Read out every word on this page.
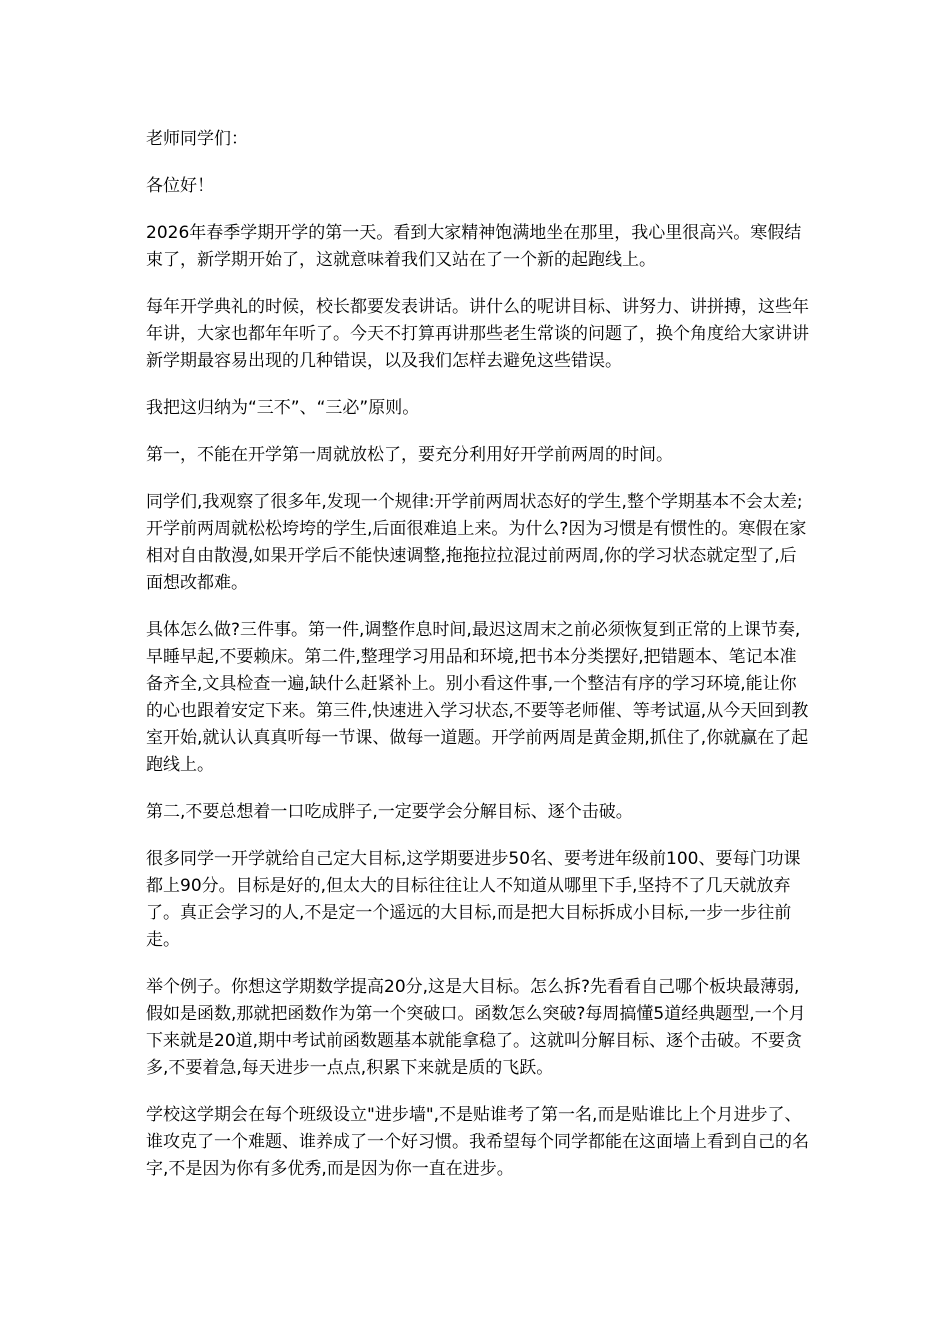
老师同学们：

各位好！

2026年春季学期开学的第一天。看到大家精神饱满地坐在那里，我心里很高兴。寒假结束了，新学期开始了，这就意味着我们又站在了一个新的起跑线上。

每年开学典礼的时候，校长都要发表讲话。讲什么的呢讲目标、讲努力、讲拼搏，这些年年讲，大家也都年年听了。今天不打算再讲那些老生常谈的问题了，换个角度给大家讲讲新学期最容易出现的几种错误，以及我们怎样去避免这些错误。

我把这归纳为“三不”、“三必”原则。

第一，不能在开学第一周就放松了，要充分利用好开学前两周的时间。

同学们,我观察了很多年,发现一个规律:开学前两周状态好的学生,整个学期基本不会太差;开学前两周就松松垮垮的学生,后面很难追上来。为什么?因为习惯是有惯性的。寒假在家相对自由散漫,如果开学后不能快速调整,拖拖拉拉混过前两周,你的学习状态就定型了,后面想改都难。

具体怎么做?三件事。第一件,调整作息时间,最迟这周末之前必须恢复到正常的上课节奏,早睡早起,不要赖床。第二件,整理学习用品和环境,把书本分类摆好,把错题本、笔记本准备齐全,文具检查一遍,缺什么赶紧补上。别小看这件事,一个整洁有序的学习环境,能让你的心也跟着安定下来。第三件,快速进入学习状态,不要等老师催、等考试逼,从今天回到教室开始,就认认真真听每一节课、做每一道题。开学前两周是黄金期,抓住了,你就赢在了起跑线上。

第二,不要总想着一口吃成胖子,一定要学会分解目标、逐个击破。

很多同学一开学就给自己定大目标,这学期要进步50名、要考进年级前100、要每门功课都上90分。目标是好的,但太大的目标往往让人不知道从哪里下手,坚持不了几天就放弃了。真正会学习的人,不是定一个遥远的大目标,而是把大目标拆成小目标,一步一步往前走。

举个例子。你想这学期数学提高20分,这是大目标。怎么拆?先看看自己哪个板块最薄弱,假如是函数,那就把函数作为第一个突破口。函数怎么突破?每周搞懂5道经典题型,一个月下来就是20道,期中考试前函数题基本就能拿稳了。这就叫分解目标、逐个击破。不要贪多,不要着急,每天进步一点点,积累下来就是质的飞跃。

学校这学期会在每个班级设立"进步墙",不是贴谁考了第一名,而是贴谁比上个月进步了、谁攻克了一个难题、谁养成了一个好习惯。我希望每个同学都能在这面墙上看到自己的名字,不是因为你有多优秀,而是因为你一直在进步。
